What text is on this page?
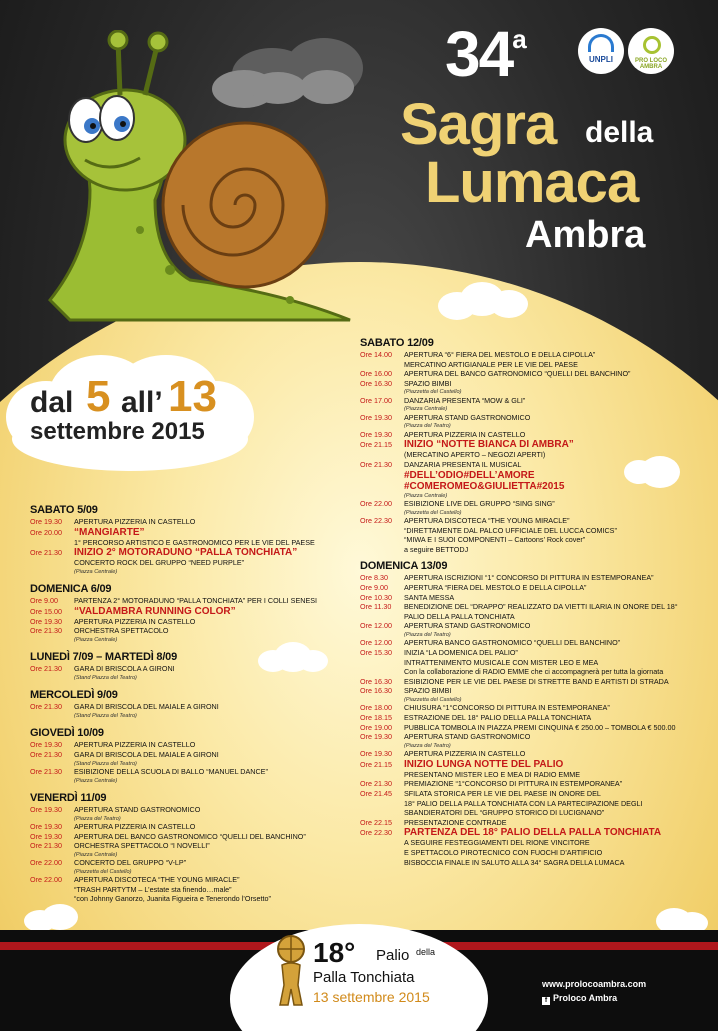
34$^a$
Sagra della
Lumaca
Ambra
UNPLI	PRO LOCO AMBRA
dal 5 all’ 13
settembre 2015
SABATO 5/09
Ore 19.30 APERTURA PIZZERIA IN CASTELLO
Ore 20.00 “MANGIARTE”
1° PERCORSO ARTISTICO E GASTRONOMICO PER LE VIE DEL PAESE
Ore 21.30 INIZIO 2° MOTORADUNO “PALLA TONCHIATA”
CONCERTO ROCK DEL GRUPPO “NEED PURPLE”
(Piazza Centrale)
DOMENICA 6/09
Ore 9.00 PARTENZA 2° MOTORADUNO “PALLA TONCHIATA” PER I COLLI SENESI
Ore 15.00 “VALDAMBRA RUNNING COLOR”
Ore 19.30 APERTURA PIZZERIA IN CASTELLO
Ore 21.30 ORCHESTRA SPETTACOLO
(Piazza Centrale)
LUNEDÌ 7/09 – MARTEDÌ 8/09
Ore 21.30 GARA DI BRISCOLA A GIRONI
(Stand Piazza del Teatro)
MERCOLEDÌ 9/09
Ore 21.30 GARA DI BRISCOLA DEL MAIALE A GIRONI
(Stand Piazza del Teatro)
GIOVEDÌ 10/09
Ore 19.30 APERTURA PIZZERIA IN CASTELLO
Ore 21.30 GARA DI BRISCOLA DEL MAIALE A GIRONI
(Stand Piazza del Teatro)
Ore 21.30 ESIBIZIONE DELLA SCUOLA DI BALLO “MANUEL DANCE”
(Piazza Centrale)
VENERDÌ 11/09
Ore 19.30 APERTURA STAND GASTRONOMICO
(Piazza del Teatro)
Ore 19.30 APERTURA PIZZERIA IN CASTELLO
Ore 19.30 APERTURA DEL BANCO GASTRONOMICO “QUELLI DEL BANCHINO”
Ore 21.30 ORCHESTRA SPETTACOLO “I NOVELLI”
(Piazza Centrale)
Ore 22.00 CONCERTO DEL GRUPPO “V-LP”
(Piazzetta del Castello)
Ore 22.00 APERTURA DISCOTECA “THE YOUNG MIRACLE”
“TRASH PARTYTM – L’estate sta finendo…male”
“con Johnny Ganorzo, Juanita Figueira e Tenerondo l’Orsetto”
SABATO 12/09
Ore 14.00 APERTURA “6° FIERA DEL MESTOLO E DELLA CIPOLLA”
MERCATINO ARTIGIANALE PER LE VIE DEL PAESE
Ore 16.00 APERTURA DEL BANCO GATRONOMICO “QUELLI DEL BANCHINO”
Ore 16.30 SPAZIO BIMBI
(Piazzetta del Castello)
Ore 17.00 DANZARIA PRESENTA “MOW & GLI”
(Piazza Centrale)
Ore 19.30 APERTURA STAND GASTRONOMICO
(Piazza del Teatro)
Ore 19.30 APERTURA PIZZERIA IN CASTELLO
Ore 21.15 INIZIO “NOTTE BIANCA DI AMBRA”
(MERCATINO APERTO – NEGOZI APERTI)
Ore 21.30 DANZARIA PRESENTA IL MUSICAL
#DELL’ODIO#DELL’AMORE
#COMEROMEO&GIULIETTA#2015
(Piazza Centrale)
Ore 22.00 ESIBIZIONE LIVE DEL GRUPPO “SING SING”
(Piazzetta del Castello)
Ore 22.30 APERTURA DISCOTECA “THE YOUNG MIRACLE”
“DIRETTAMENTE DAL PALCO UFFICIALE DEL LUCCA COMICS”
“MIWA E I SUOI COMPONENTI – Cartoons’ Rock cover”
a seguire BETTODJ
DOMENICA 13/09
Ore 8.30 APERTURA ISCRIZIONI “1° CONCORSO DI PITTURA IN ESTEMPORANEA”
Ore 9.00 APERTURA “FIERA DEL MESTOLO E DELLA CIPOLLA”
Ore 10.30 SANTA MESSA
Ore 11.30 BENEDIZIONE DEL “DRAPPO” REALIZZATO DA VIETTI ILARIA IN ONORE DEL 18°
PALIO DELLA PALLA TONCHIATA
Ore 12.00 APERTURA STAND GASTRONOMICO
(Piazza del Teatro)
Ore 12.00 APERTURA BANCO GASTRONOMICO “QUELLI DEL BANCHINO”
Ore 15.30 INIZIA “LA DOMENICA DEL PALIO”
INTRATTENIMENTO MUSICALE CON MISTER LEO E MEA
Con la collaborazione di RADIO EMME che ci accompagnerà per tutta la giornata
Ore 16.30 ESIBIZIONE PER LE VIE DEL PAESE DI STRETTE BAND E ARTISTI DI STRADA
Ore 16.30 SPAZIO BIMBI
(Piazzetta del Castello)
Ore 18.00 CHIUSURA “1°CONCORSO DI PITTURA IN ESTEMPORANEA”
Ore 18.15 ESTRAZIONE DEL 18° PALIO DELLA PALLA TONCHIATA
Ore 19.00 PUBBLICA TOMBOLA IN PIAZZA PREMI CINQUINA € 250.00 – TOMBOLA € 500.00
Ore 19.30 APERTURA STAND GASTRONOMICO
(Piazza del Teatro)
Ore 19.30 APERTURA PIZZERIA IN CASTELLO
Ore 21.15 INIZIO LUNGA NOTTE DEL PALIO
PRESENTANO MISTER LEO E MEA DI RADIO EMME
Ore 21.30 PREMIAZIONE “1°CONCORSO DI PITTURA IN ESTEMPORANEA”
Ore 21.45 SFILATA STORICA PER LE VIE DEL PAESE IN ONORE DEL
18° PALIO DELLA PALLA TONCHIATA CON LA PARTECIPAZIONE DEGLI
SBANDIERATORI DEL “GRUPPO STORICO DI LUCIGNANO”
Ore 22.15 PRESENTAZIONE CONTRADE
Ore 22.30 PARTENZA DEL 18° PALIO DELLA PALLA TONCHIATA
A SEGUIRE FESTEGGIAMENTI DEL RIONE VINCITORE
E SPETTACOLO PIROTECNICO CON FUOCHI D’ARTIFICIO
BISBOCCIA FINALE IN SALUTO ALLA 34° SAGRA DELLA LUMACA
18° Palio della
Palla Tonchiata
13 settembre 2015
www.prolocoambra.com
f Proloco Ambra
